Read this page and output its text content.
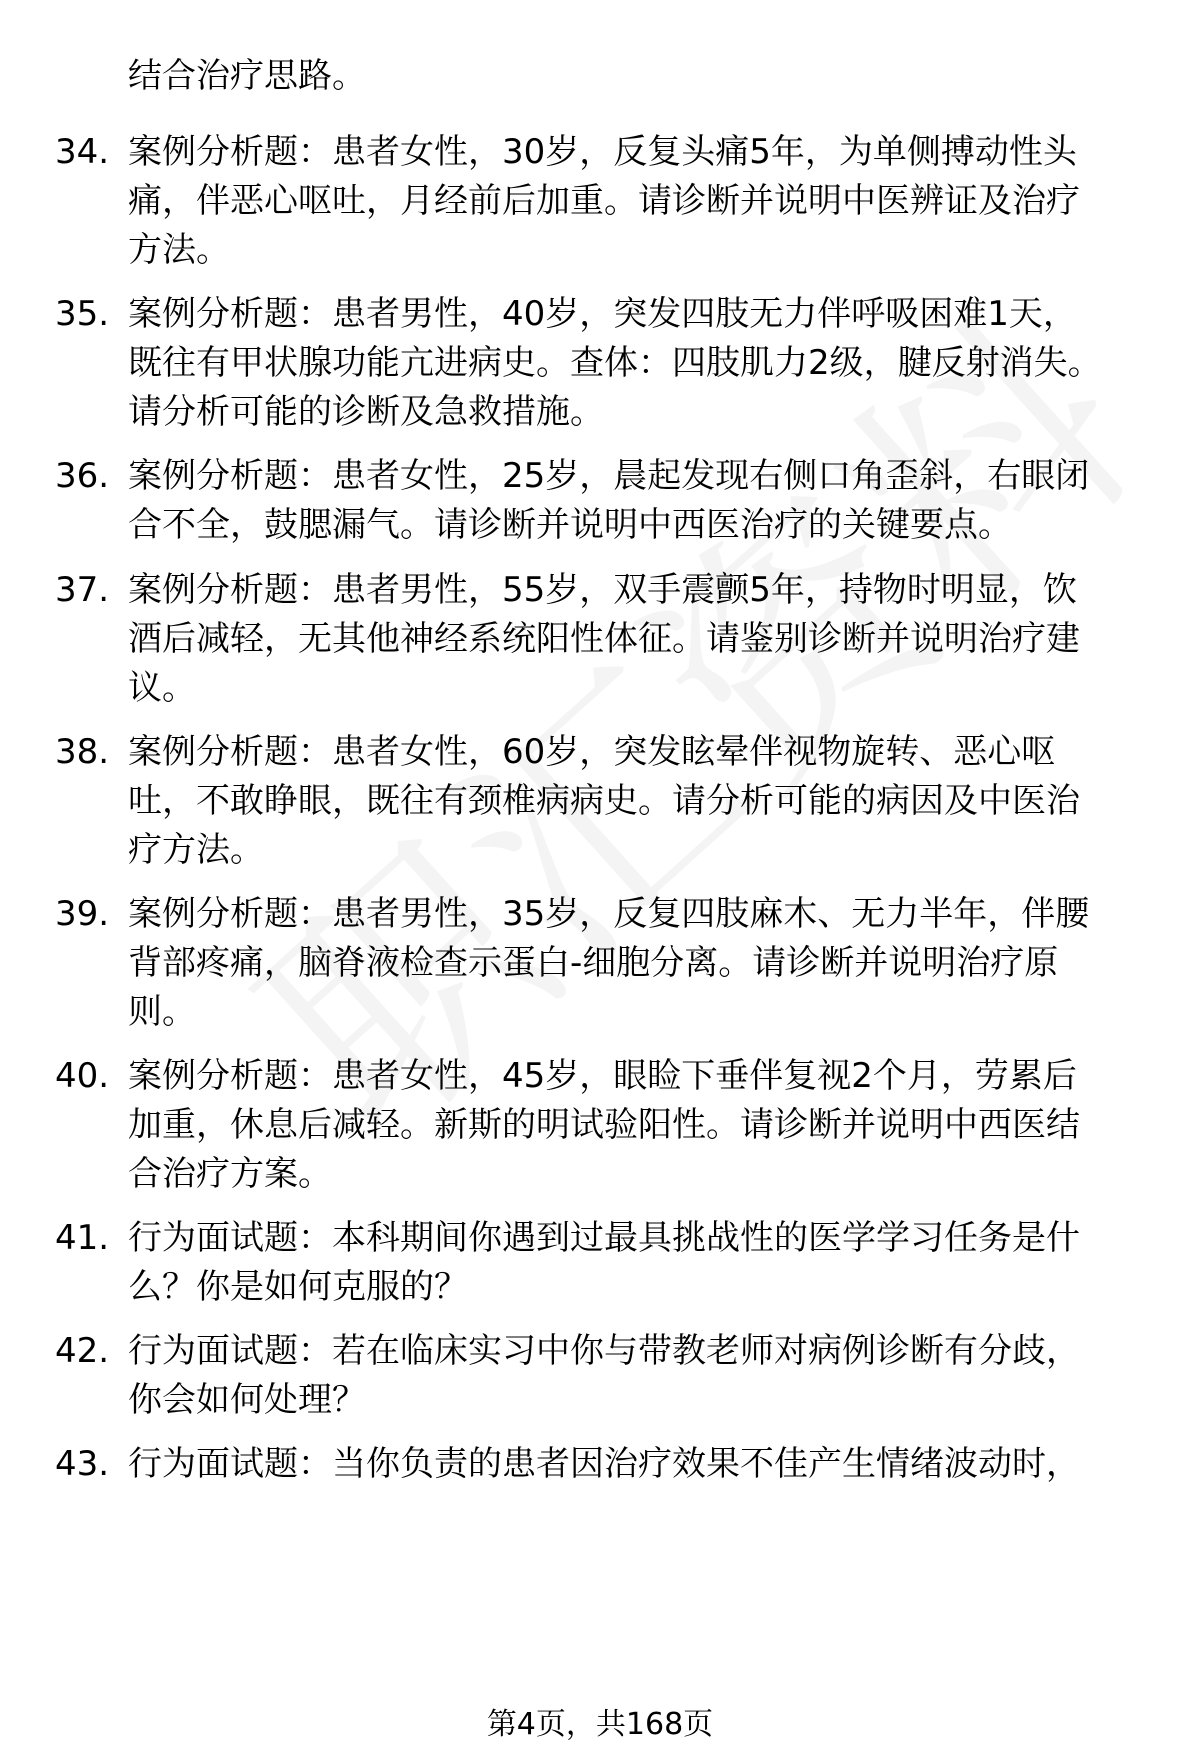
结合治疗思路。
34. 案例分析题：患者女性，30岁，反复头痛5年，为单侧搏动性头
痛，伴恶心呕吐，月经前后加重。请诊断并说明中医辨证及治疗
方法。
35. 案例分析题：患者男性，40岁，突发四肢无力伴呼吸困难1天，
既往有甲状腺功能亢进病史。查体：四肢肌力2级，腱反射消失。
请分析可能的诊断及急救措施。
36. 案例分析题：患者女性，25岁，晨起发现右侧口角歪斜，右眼闭
合不全，鼓腮漏气。请诊断并说明中西医治疗的关键要点。
37. 案例分析题：患者男性，55岁，双手震颤5年，持物时明显，饮
酒后减轻，无其他神经系统阳性体征。请鉴别诊断并说明治疗建
议。
38. 案例分析题：患者女性，60岁，突发眩晕伴视物旋转、恶心呕
吐，不敢睁眼，既往有颈椎病病史。请分析可能的病因及中医治
疗方法。
39. 案例分析题：患者男性，35岁，反复四肢麻木、无力半年，伴腰
背部疼痛，脑脊液检查示蛋白-细胞分离。请诊断并说明治疗原
则。
40. 案例分析题：患者女性，45岁，眼睑下垂伴复视2个月，劳累后
加重，休息后减轻。新斯的明试验阳性。请诊断并说明中西医结
合治疗方案。
41. 行为面试题：本科期间你遇到过最具挑战性的医学学习任务是什
么？你是如何克服的？
42. 行为面试题：若在临床实习中你与带教老师对病例诊断有分歧，
你会如何处理？
43. 行为面试题：当你负责的患者因治疗效果不佳产生情绪波动时，
第4页，共168页
